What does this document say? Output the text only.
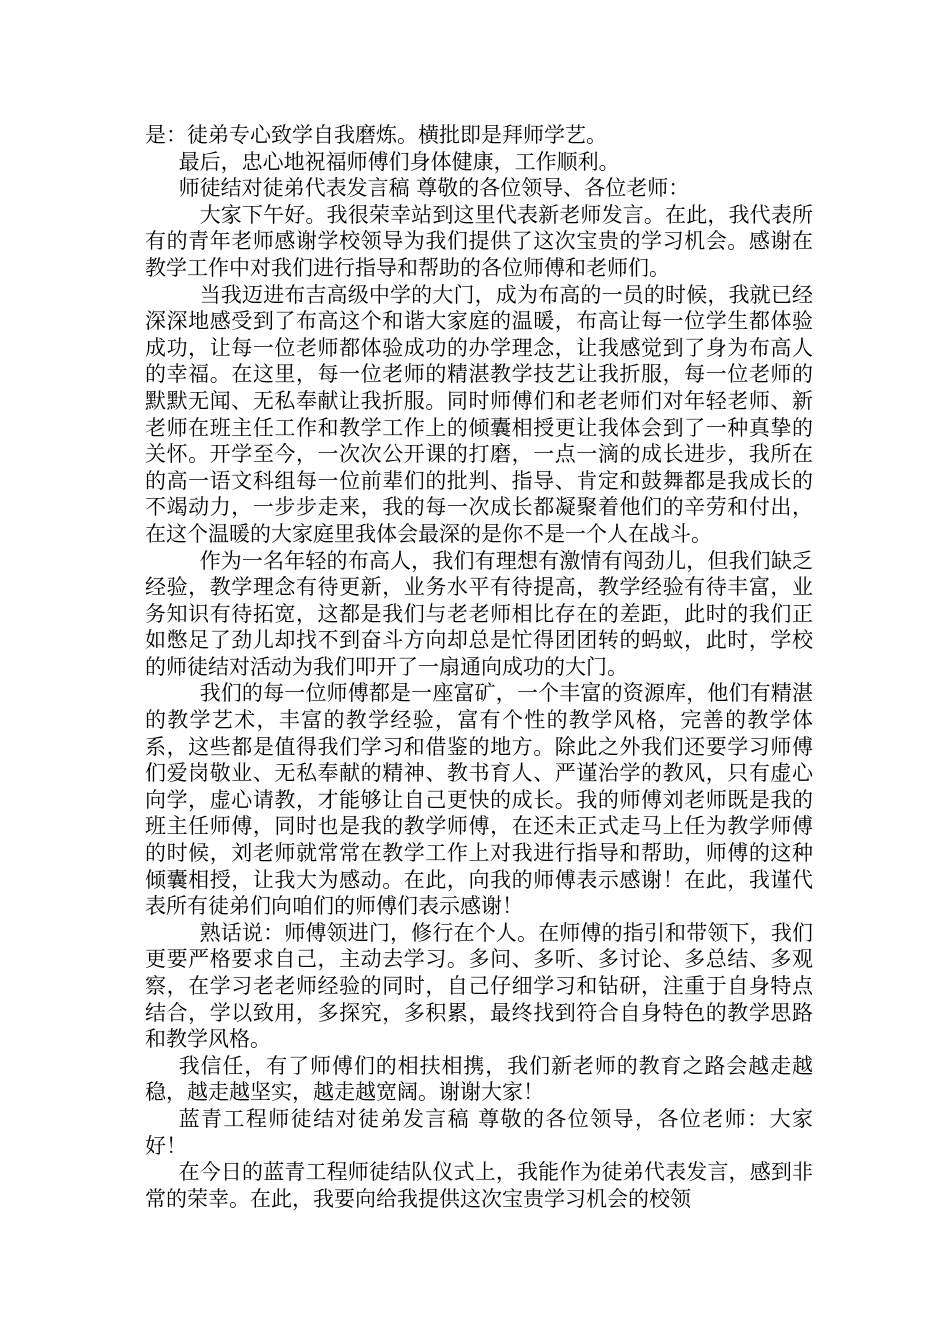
是：徒弟专心致学自我磨炼。横批即是拜师学艺。

最后，忠心地祝福师傅们身体健康，工作顺利。

师徒结对徒弟代表发言稿 尊敬的各位领导、各位老师：

大家下午好。我很荣幸站到这里代表新老师发言。在此，我代表所有的青年老师感谢学校领导为我们提供了这次宝贵的学习机会。感谢在教学工作中对我们进行指导和帮助的各位师傅和老师们。

当我迈进布吉高级中学的大门，成为布高的一员的时候，我就已经深深地感受到了布高这个和谐大家庭的温暖，布高让每一位学生都体验成功，让每一位老师都体验成功的办学理念，让我感觉到了身为布高人的幸福。在这里，每一位老师的精湛教学技艺让我折服，每一位老师的默默无闻、无私奉献让我折服。同时师傅们和老老师们对年轻老师、新老师在班主任工作和教学工作上的倾囊相授更让我体会到了一种真挚的关怀。开学至今，一次次公开课的打磨，一点一滴的成长进步，我所在的高一语文科组每一位前辈们的批判、指导、肯定和鼓舞都是我成长的不竭动力，一步步走来，我的每一次成长都凝聚着他们的辛劳和付出，在这个温暖的大家庭里我体会最深的是你不是一个人在战斗。

作为一名年轻的布高人，我们有理想有激情有闯劲儿，但我们缺乏经验，教学理念有待更新，业务水平有待提高，教学经验有待丰富，业务知识有待拓宽，这都是我们与老老师相比存在的差距，此时的我们正如憋足了劲儿却找不到奋斗方向却总是忙得团团转的蚂蚁，此时，学校的师徒结对活动为我们叩开了一扇通向成功的大门。

我们的每一位师傅都是一座富矿，一个丰富的资源库，他们有精湛的教学艺术，丰富的教学经验，富有个性的教学风格，完善的教学体系，这些都是值得我们学习和借鉴的地方。除此之外我们还要学习师傅们爱岗敬业、无私奉献的精神、教书育人、严谨治学的教风，只有虚心向学，虚心请教，才能够让自己更快的成长。我的师傅刘老师既是我的班主任师傅，同时也是我的教学师傅，在还未正式走马上任为教学师傅的时候，刘老师就常常在教学工作上对我进行指导和帮助，师傅的这种倾囊相授，让我大为感动。在此，向我的师傅表示感谢！在此，我谨代表所有徒弟们向咱们的师傅们表示感谢！

熟话说：师傅领进门，修行在个人。在师傅的指引和带领下，我们更要严格要求自己，主动去学习。多问、多听、多讨论、多总结、多观察，在学习老老师经验的同时，自己仔细学习和钻研，注重于自身特点结合，学以致用，多探究，多积累，最终找到符合自身特色的教学思路和教学风格。

我信任，有了师傅们的相扶相携，我们新老师的教育之路会越走越稳，越走越坚实，越走越宽阔。谢谢大家！

蓝青工程师徒结对徒弟发言稿 尊敬的各位领导，各位老师：大家好！

在今日的蓝青工程师徒结队仪式上，我能作为徒弟代表发言，感到非常的荣幸。在此，我要向给我提供这次宝贵学习机会的校领
